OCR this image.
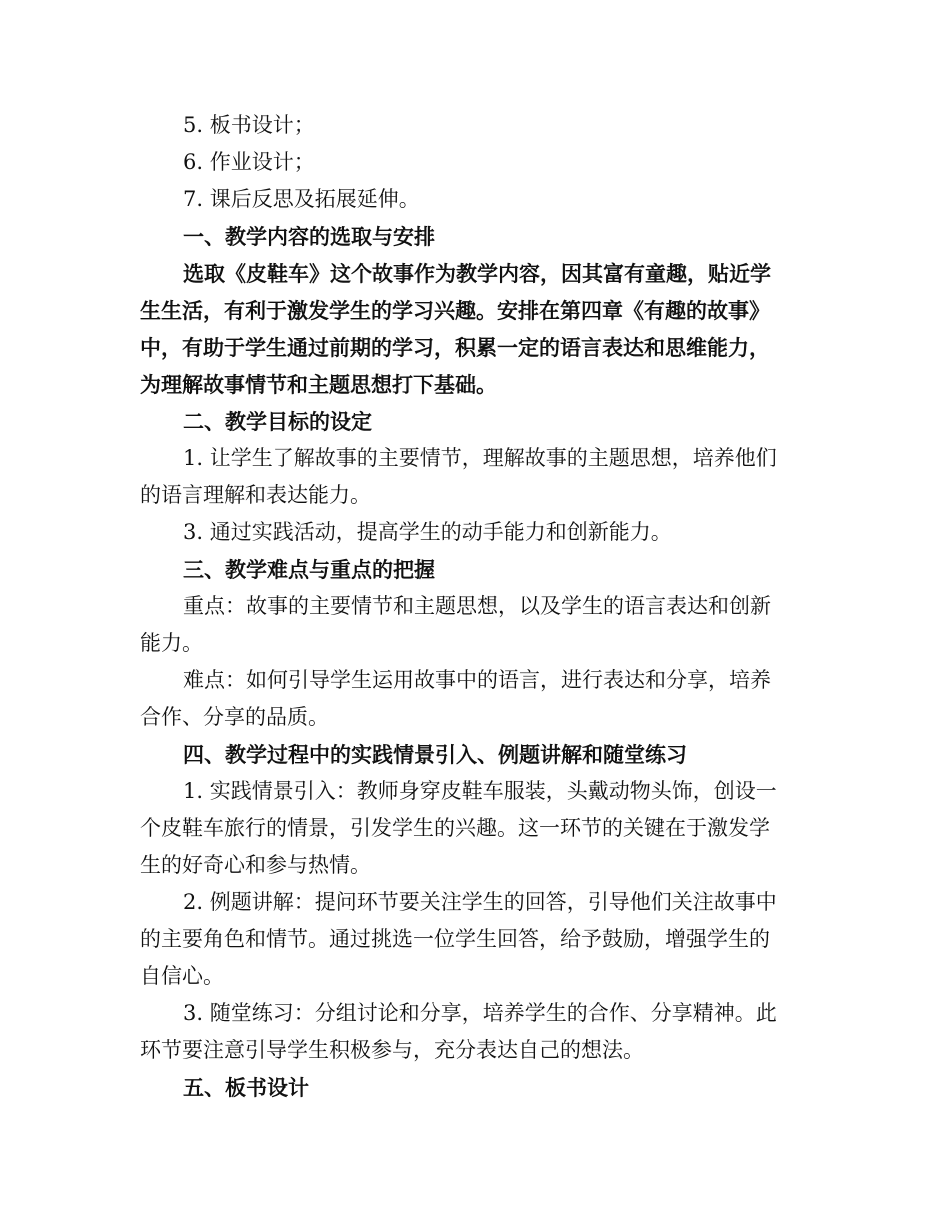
5. 板书设计；
6. 作业设计；
7. 课后反思及拓展延伸。
一、教学内容的选取与安排
选取《皮鞋车》这个故事作为教学内容，因其富有童趣，贴近学
生生活，有利于激发学生的学习兴趣。安排在第四章《有趣的故事》
中，有助于学生通过前期的学习，积累一定的语言表达和思维能力，
为理解故事情节和主题思想打下基础。
二、教学目标的设定
1. 让学生了解故事的主要情节，理解故事的主题思想，培养他们
的语言理解和表达能力。
3. 通过实践活动，提高学生的动手能力和创新能力。
三、教学难点与重点的把握
重点：故事的主要情节和主题思想，以及学生的语言表达和创新
能力。
难点：如何引导学生运用故事中的语言，进行表达和分享，培养
合作、分享的品质。
四、教学过程中的实践情景引入、例题讲解和随堂练习
1. 实践情景引入：教师身穿皮鞋车服装，头戴动物头饰，创设一
个皮鞋车旅行的情景，引发学生的兴趣。这一环节的关键在于激发学
生的好奇心和参与热情。
2. 例题讲解：提问环节要关注学生的回答，引导他们关注故事中
的主要角色和情节。通过挑选一位学生回答，给予鼓励，增强学生的
自信心。
3. 随堂练习：分组讨论和分享，培养学生的合作、分享精神。此
环节要注意引导学生积极参与，充分表达自己的想法。
五、板书设计
